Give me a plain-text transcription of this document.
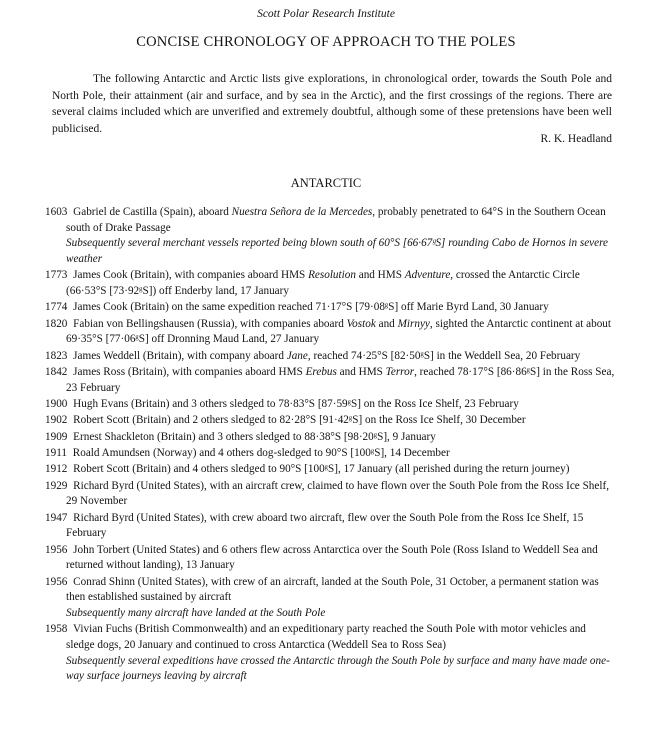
Scott Polar Research Institute
CONCISE CHRONOLOGY OF APPROACH TO THE POLES

The following Antarctic and Arctic lists give explorations, in chronological order, towards the South Pole and North Pole, their attainment (air and surface, and by sea in the Arctic), and the first crossings of the regions. There are several claims included which are unverified and extremely doubtful, although some of these pretensions have been well publicised.

R. K. Headland
ANTARCTIC

1603 Gabriel de Castilla (Spain), aboard Nuestra Señora de la Mercedes, probably penetrated to 64°S in the Southern Ocean south of Drake Passage
Subsequently several merchant vessels reported being blown south of 60°S [66·67ᵍS] rounding Cabo de Hornos in severe weather

1773 James Cook (Britain), with companies aboard HMS Resolution and HMS Adventure, crossed the Antarctic Circle (66·53°S [73·92ᵍS]) off Enderby land, 17 January

1774 James Cook (Britain) on the same expedition reached 71·17°S [79·08ᵍS] off Marie Byrd Land, 30 January

1820 Fabian von Bellingshausen (Russia), with companies aboard Vostok and Mirnyy, sighted the Antarctic continent at about 69·35°S [77·06ᵍS] off Dronning Maud Land, 27 January

1823 James Weddell (Britain), with company aboard Jane, reached 74·25°S [82·50ᵍS] in the Weddell Sea, 20 February

1842 James Ross (Britain), with companies aboard HMS Erebus and HMS Terror, reached 78·17°S [86·86ᵍS] in the Ross Sea, 23 February

1900 Hugh Evans (Britain) and 3 others sledged to 78·83°S [87·59ᵍS] on the Ross Ice Shelf, 23 February

1902 Robert Scott (Britain) and 2 others sledged to 82·28°S [91·42ᵍS] on the Ross Ice Shelf, 30 December

1909 Ernest Shackleton (Britain) and 3 others sledged to 88·38°S [98·20ᵍS], 9 January

1911 Roald Amundsen (Norway) and 4 others dog-sledged to 90°S [100ᵍS], 14 December

1912 Robert Scott (Britain) and 4 others sledged to 90°S [100ᵍS], 17 January (all perished during the return journey)

1929 Richard Byrd (United States), with an aircraft crew, claimed to have flown over the South Pole from the Ross Ice Shelf, 29 November

1947 Richard Byrd (United States), with crew aboard two aircraft, flew over the South Pole from the Ross Ice Shelf, 15 February

1956 John Torbert (United States) and 6 others flew across Antarctica over the South Pole (Ross Island to Weddell Sea and returned without landing), 13 January

1956 Conrad Shinn (United States), with crew of an aircraft, landed at the South Pole, 31 October, a permanent station was then established sustained by aircraft
Subsequently many aircraft have landed at the South Pole

1958 Vivian Fuchs (British Commonwealth) and an expeditionary party reached the South Pole with motor vehicles and sledge dogs, 20 January and continued to cross Antarctica (Weddell Sea to Ross Sea)
Subsequently several expeditions have crossed the Antarctic through the South Pole by surface and many have made one-way surface journeys leaving by aircraft
